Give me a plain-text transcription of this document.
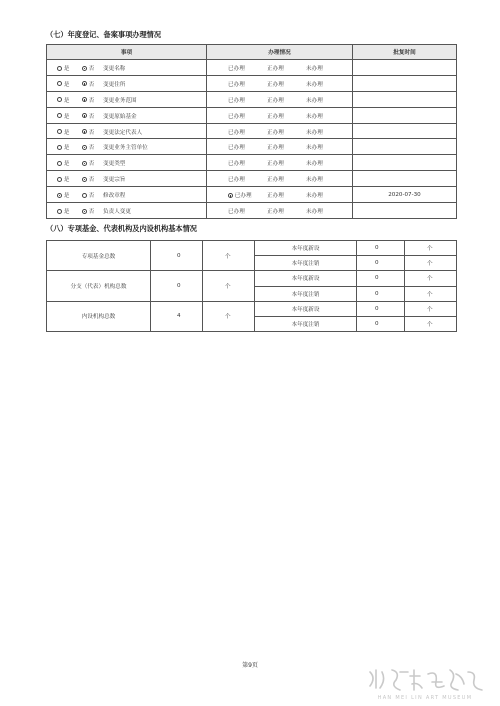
（七）年度登记、备案事项办理情况
事项	办理情况	批复时间

是 否 变更名称	已办理 正办理 未办理	

是 否 变更住所	已办理 正办理 未办理	

是 否 变更业务范围	已办理 正办理 未办理	

是 否 变更原始基金	已办理 正办理 未办理	

是 否 变更法定代表人	已办理 正办理 未办理	

是 否 变更业务主管单位	已办理 正办理 未办理	

是 否 变更类型	已办理 正办理 未办理	

是 否 变更宗旨	已办理 正办理 未办理	

是 否 修改章程	已办理 正办理 未办理	2020-07-30

是 否 负责人变更	已办理 正办理 未办理	

（八）专项基金、代表机构及内设机构基本情况
专项基金总数	0	个	本年度新设	0	个
			本年度注销	0	个
分支（代表）机构总数	0	个	本年度新设	0	个
			本年度注销	0	个
内设机构总数	4	个	本年度新设	0	个
			本年度注销	0	个
第9页
HAN MEI LIN ART MUSEUM
